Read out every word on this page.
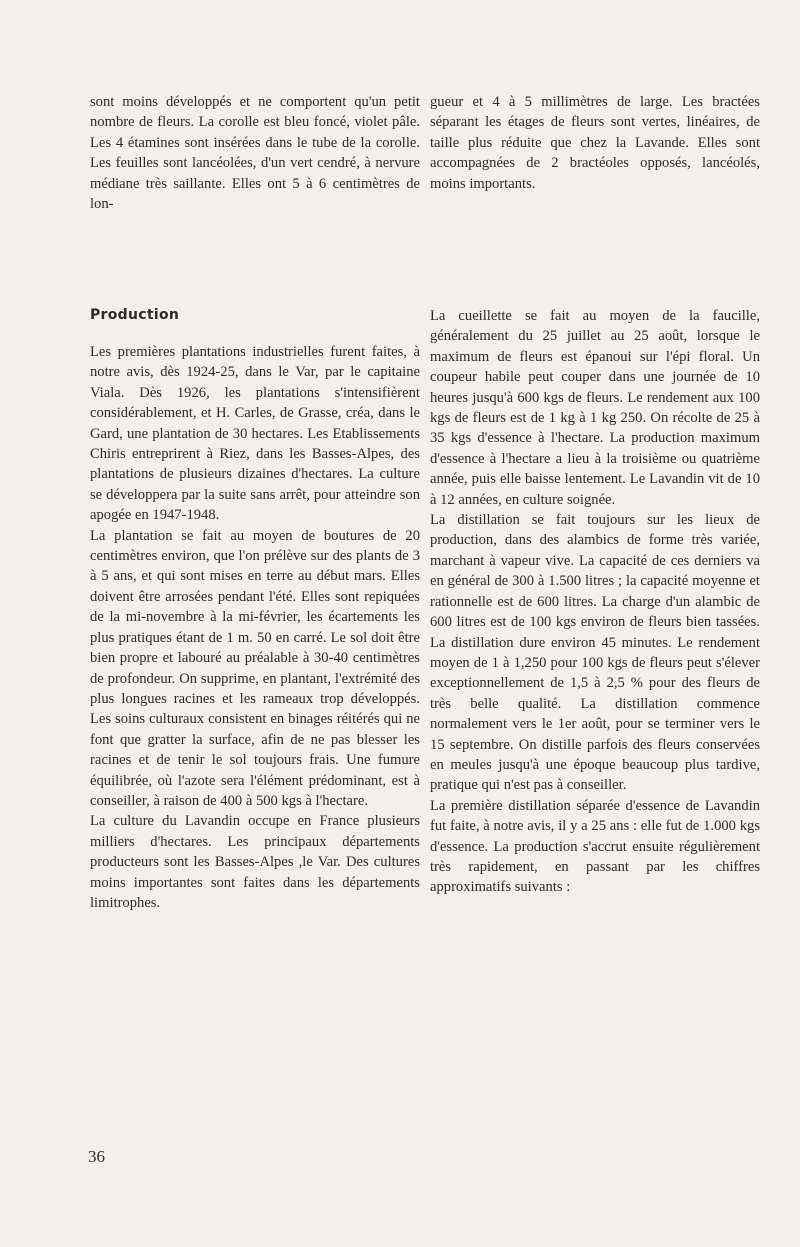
sont moins développés et ne comportent qu'un petit nombre de fleurs. La corolle est bleu foncé, violet pâle. Les 4 étamines sont insérées dans le tube de la corolle. Les feuilles sont lancéolées, d'un vert cendré, à nervure médiane très saillante. Elles ont 5 à 6 centimètres de lon-

gueur et 4 à 5 millimètres de large. Les bractées séparant les étages de fleurs sont vertes, linéaires, de taille plus réduite que chez la Lavande. Elles sont accompagnées de 2 bractéoles opposés, lancéolés, moins importants.

Production

Les premières plantations industrielles furent faites, à notre avis, dès 1924-25, dans le Var, par le capitaine Viala. Dès 1926, les plantations s'intensifièrent considérablement, et H. Carles, de Grasse, créa, dans le Gard, une plantation de 30 hectares. Les Etablissements Chiris entreprirent à Riez, dans les Basses-Alpes, des plantations de plusieurs dizaines d'hectares. La culture se développera par la suite sans arrêt, pour atteindre son apogée en 1947-1948.

La plantation se fait au moyen de boutures de 20 centimètres environ, que l'on prélève sur des plants de 3 à 5 ans, et qui sont mises en terre au début mars. Elles doivent être arrosées pendant l'été. Elles sont repiquées de la mi-novembre à la mi-février, les écartements les plus pratiques étant de 1 m. 50 en carré. Le sol doit être bien propre et labouré au préalable à 30-40 centimètres de profondeur. On supprime, en plantant, l'extrémité des plus longues racines et les rameaux trop développés. Les soins culturaux consistent en binages réitérés qui ne font que gratter la surface, afin de ne pas blesser les racines et de tenir le sol toujours frais. Une fumure équilibrée, où l'azote sera l'élément prédominant, est à conseiller, à raison de 400 à 500 kgs à l'hectare.

La culture du Lavandin occupe en France plusieurs milliers d'hectares. Les principaux départements producteurs sont les Basses-Alpes ,le Var. Des cultures moins importantes sont faites dans les départements limitrophes.

La cueillette se fait au moyen de la faucille, généralement du 25 juillet au 25 août, lorsque le maximum de fleurs est épanoui sur l'épi floral. Un coupeur habile peut couper dans une journée de 10 heures jusqu'à 600 kgs de fleurs. Le rendement aux 100 kgs de fleurs est de 1 kg à 1 kg 250. On récolte de 25 à 35 kgs d'essence à l'hectare. La production maximum d'essence à l'hectare a lieu à la troisième ou quatrième année, puis elle baisse lentement. Le Lavandin vit de 10 à 12 années, en culture soignée.

La distillation se fait toujours sur les lieux de production, dans des alambics de forme très variée, marchant à vapeur vive. La capacité de ces derniers va en général de 300 à 1.500 litres ; la capacité moyenne et rationnelle est de 600 litres. La charge d'un alambic de 600 litres est de 100 kgs environ de fleurs bien tassées. La distillation dure environ 45 minutes. Le rendement moyen de 1 à 1,250 pour 100 kgs de fleurs peut s'élever exceptionnellement de 1,5 à 2,5 % pour des fleurs de très belle qualité. La distillation commence normalement vers le 1er août, pour se terminer vers le 15 septembre. On distille parfois des fleurs conservées en meules jusqu'à une époque beaucoup plus tardive, pratique qui n'est pas à conseiller.

La première distillation séparée d'essence de Lavandin fut faite, à notre avis, il y a 25 ans : elle fut de 1.000 kgs d'essence. La production s'accrut ensuite régulièrement très rapidement, en passant par les chiffres approximatifs suivants :

36
